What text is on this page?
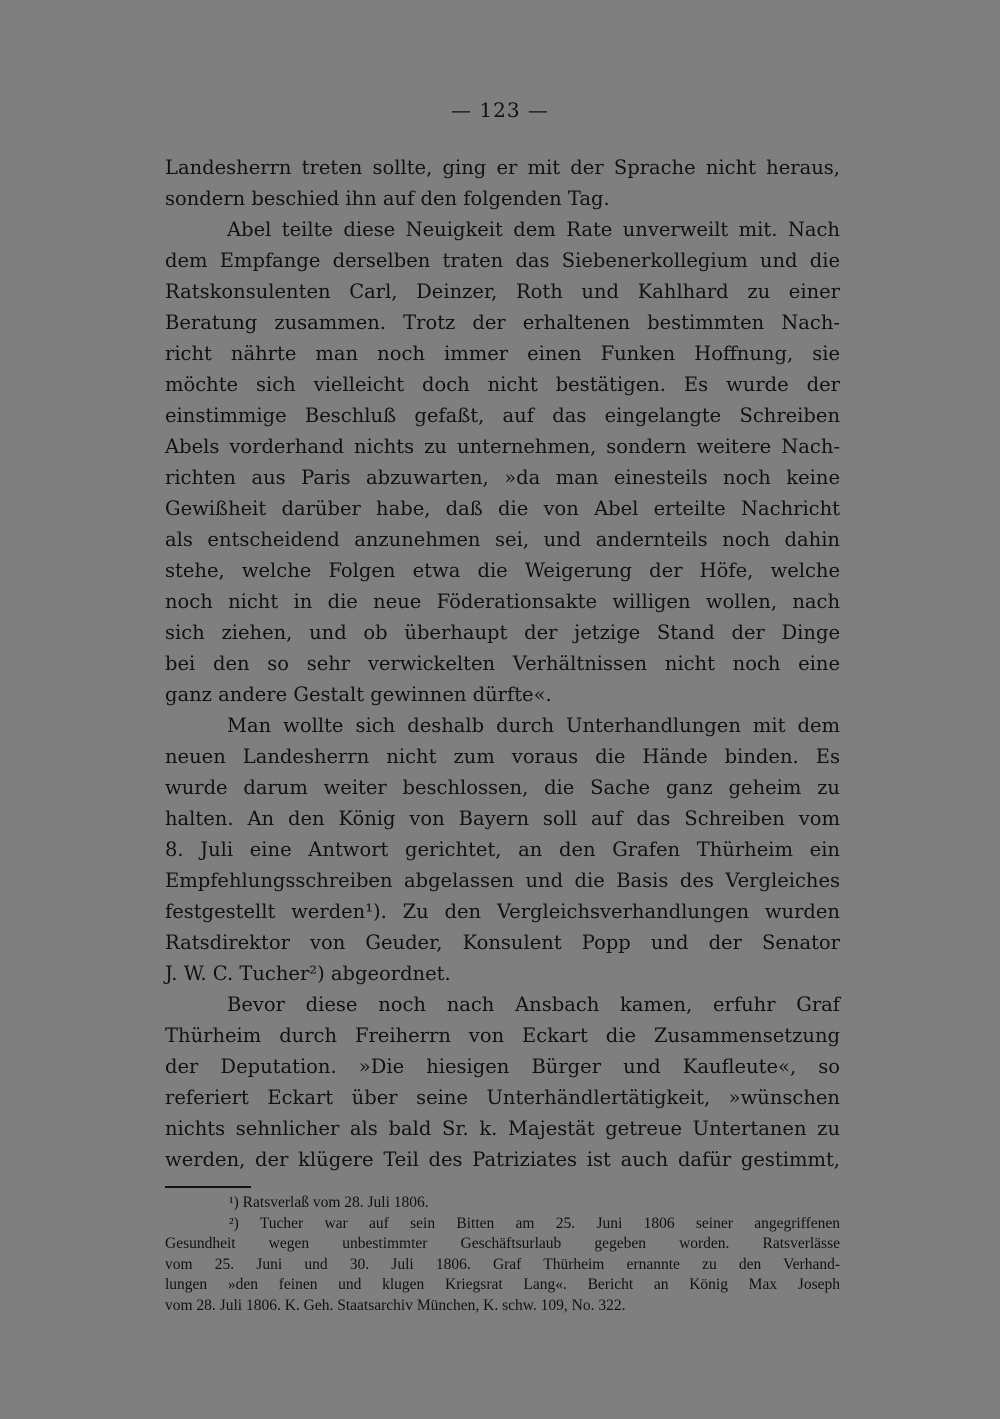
— 123 —
Landesherrn treten sollte, ging er mit der Sprache nicht heraus,
sondern beschied ihn auf den folgenden Tag.
Abel teilte diese Neuigkeit dem Rate unverweilt mit. Nach
dem Empfange derselben traten das Siebenerkollegium und die
Ratskonsulenten Carl, Deinzer, Roth und Kahlhard zu einer
Beratung zusammen. Trotz der erhaltenen bestimmten Nach-
richt nährte man noch immer einen Funken Hoffnung, sie
möchte sich vielleicht doch nicht bestätigen. Es wurde der
einstimmige Beschluß gefaßt, auf das eingelangte Schreiben
Abels vorderhand nichts zu unternehmen, sondern weitere Nach-
richten aus Paris abzuwarten, »da man einesteils noch keine
Gewißheit darüber habe, daß die von Abel erteilte Nachricht
als entscheidend anzunehmen sei, und andernteils noch dahin
stehe, welche Folgen etwa die Weigerung der Höfe, welche
noch nicht in die neue Föderationsakte willigen wollen, nach
sich ziehen, und ob überhaupt der jetzige Stand der Dinge
bei den so sehr verwickelten Verhältnissen nicht noch eine
ganz andere Gestalt gewinnen dürfte«.
Man wollte sich deshalb durch Unterhandlungen mit dem
neuen Landesherrn nicht zum voraus die Hände binden. Es
wurde darum weiter beschlossen, die Sache ganz geheim zu
halten. An den König von Bayern soll auf das Schreiben vom
8. Juli eine Antwort gerichtet, an den Grafen Thürheim ein
Empfehlungsschreiben abgelassen und die Basis des Vergleiches
festgestellt werden¹). Zu den Vergleichsverhandlungen wurden
Ratsdirektor von Geuder, Konsulent Popp und der Senator
J. W. C. Tucher²) abgeordnet.
Bevor diese noch nach Ansbach kamen, erfuhr Graf
Thürheim durch Freiherrn von Eckart die Zusammensetzung
der Deputation. »Die hiesigen Bürger und Kaufleute«, so
referiert Eckart über seine Unterhändlertätigkeit, »wünschen
nichts sehnlicher als bald Sr. k. Majestät getreue Untertanen zu
werden, der klügere Teil des Patriziates ist auch dafür gestimmt,
¹) Ratsverlaß vom 28. Juli 1806.
²) Tucher war auf sein Bitten am 25. Juni 1806 seiner angegriffenen
Gesundheit wegen unbestimmter Geschäftsurlaub gegeben worden. Ratsverlässe
vom 25. Juni und 30. Juli 1806. Graf Thürheim ernannte zu den Verhand-
lungen »den feinen und klugen Kriegsrat Lang«. Bericht an König Max Joseph
vom 28. Juli 1806. K. Geh. Staatsarchiv München, K. schw. 109, No. 322.
